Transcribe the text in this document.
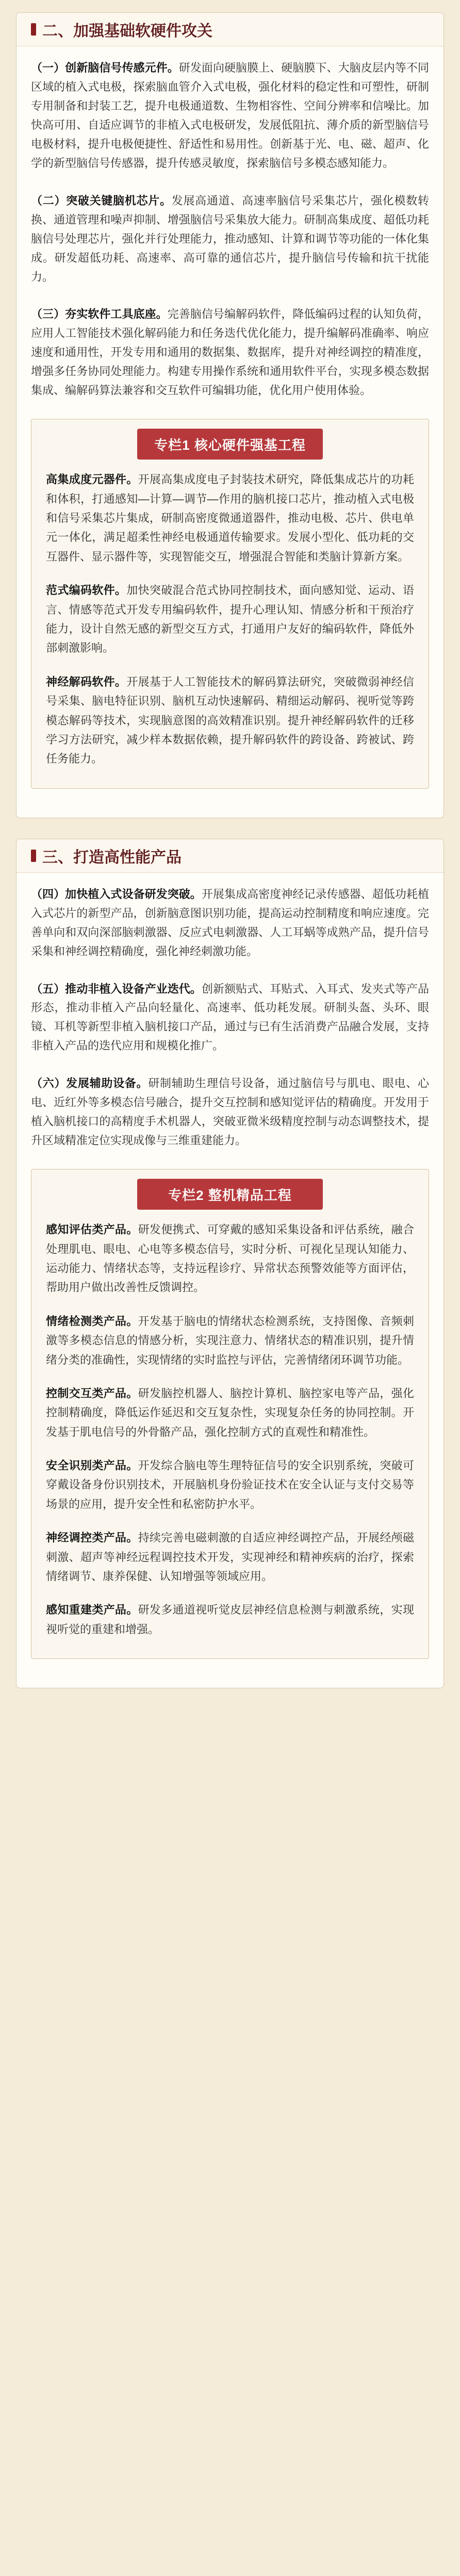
二、加强基础软硬件攻关
（一）创新脑信号传感元件。研发面向硬脑膜上、硬脑膜下、大脑皮层内等不同区域的植入式电极，探索脑血管介入式电极，强化材料的稳定性和可塑性，研制专用制备和封装工艺，提升电极通道数、生物相容性、空间分辨率和信噪比。加快高可用、自适应调节的非植入式电极研发，发展低阻抗、薄介质的新型脑信号电极材料，提升电极便捷性、舒适性和易用性。创新基于光、电、磁、超声、化学的新型脑信号传感器，提升传感灵敏度，探索脑信号多模态感知能力。
（二）突破关键脑机芯片。发展高通道、高速率脑信号采集芯片，强化模数转换、通道管理和噪声抑制、增强脑信号采集放大能力。研制高集成度、超低功耗脑信号处理芯片，强化并行处理能力，推动感知、计算和调节等功能的一体化集成。研发超低功耗、高速率、高可靠的通信芯片，提升脑信号传输和抗干扰能力。
（三）夯实软件工具底座。完善脑信号编解码软件，降低编码过程的认知负荷，应用人工智能技术强化解码能力和任务迭代优化能力，提升编解码准确率、响应速度和通用性，开发专用和通用的数据集、数据库，提升对神经调控的精准度，增强多任务协同处理能力。构建专用操作系统和通用软件平台，实现多模态数据集成、编解码算法兼容和交互软件可编辑功能，优化用户使用体验。
专栏1 核心硬件强基工程
高集成度元器件。开展高集成度电子封装技术研究，降低集成芯片的功耗和体积，打通感知—计算—调节—作用的脑机接口芯片，推动植入式电极和信号采集芯片集成，研制高密度微通道器件，推动电极、芯片、供电单元一体化，满足超柔性神经电极通道传输要求。发展小型化、低功耗的交互器件、显示器件等，实现智能交互，增强混合智能和类脑计算新方案。
范式编码软件。加快突破混合范式协同控制技术，面向感知觉、运动、语言、情感等范式开发专用编码软件，提升心理认知、情感分析和干预治疗能力，设计自然无感的新型交互方式，打通用户友好的编码软件，降低外部刺激影响。
神经解码软件。开展基于人工智能技术的解码算法研究，突破微弱神经信号采集、脑电特征识别、脑机互动快速解码、精细运动解码、视听觉等跨模态解码等技术，实现脑意图的高效精准识别。提升神经解码软件的迁移学习方法研究，减少样本数据依赖，提升解码软件的跨设备、跨被试、跨任务能力。
三、打造高性能产品
（四）加快植入式设备研发突破。开展集成高密度神经记录传感器、超低功耗植入式芯片的新型产品，创新脑意图识别功能，提高运动控制精度和响应速度。完善单向和双向深部脑刺激器、反应式电刺激器、人工耳蜗等成熟产品，提升信号采集和神经调控精确度，强化神经刺激功能。
（五）推动非植入设备产业迭代。创新额贴式、耳贴式、入耳式、发夹式等产品形态，推动非植入产品向轻量化、高速率、低功耗发展。研制头盔、头环、眼镜、耳机等新型非植入脑机接口产品，通过与已有生活消费产品融合发展，支持非植入产品的迭代应用和规模化推广。
（六）发展辅助设备。研制辅助生理信号设备，通过脑信号与肌电、眼电、心电、近红外等多模态信号融合，提升交互控制和感知觉评估的精确度。开发用于植入脑机接口的高精度手术机器人，突破亚微米级精度控制与动态调整技术，提升区域精准定位实现成像与三维重建能力。
专栏2 整机精品工程
感知评估类产品。研发便携式、可穿戴的感知采集设备和评估系统，融合处理肌电、眼电、心电等多模态信号，实时分析、可视化呈现认知能力、运动能力、情绪状态等，支持远程诊疗、异常状态预警效能等方面评估，帮助用户做出改善性反馈调控。
情绪检测类产品。开发基于脑电的情绪状态检测系统，支持图像、音频刺激等多模态信息的情感分析，实现注意力、情绪状态的精准识别，提升情绪分类的准确性，实现情绪的实时监控与评估，完善情绪闭环调节功能。
控制交互类产品。研发脑控机器人、脑控计算机、脑控家电等产品，强化控制精确度，降低运作延迟和交互复杂性，实现复杂任务的协同控制。开发基于肌电信号的外骨骼产品，强化控制方式的直观性和精准性。
安全识别类产品。开发综合脑电等生理特征信号的安全识别系统，突破可穿戴设备身份识别技术，开展脑机身份验证技术在安全认证与支付交易等场景的应用，提升安全性和私密防护水平。
神经调控类产品。持续完善电磁刺激的自适应神经调控产品，开展经颅磁刺激、超声等神经远程调控技术开发，实现神经和精神疾病的治疗，探索情绪调节、康养保健、认知增强等领域应用。
感知重建类产品。研发多通道视听觉皮层神经信息检测与刺激系统，实现视听觉的重建和增强。
